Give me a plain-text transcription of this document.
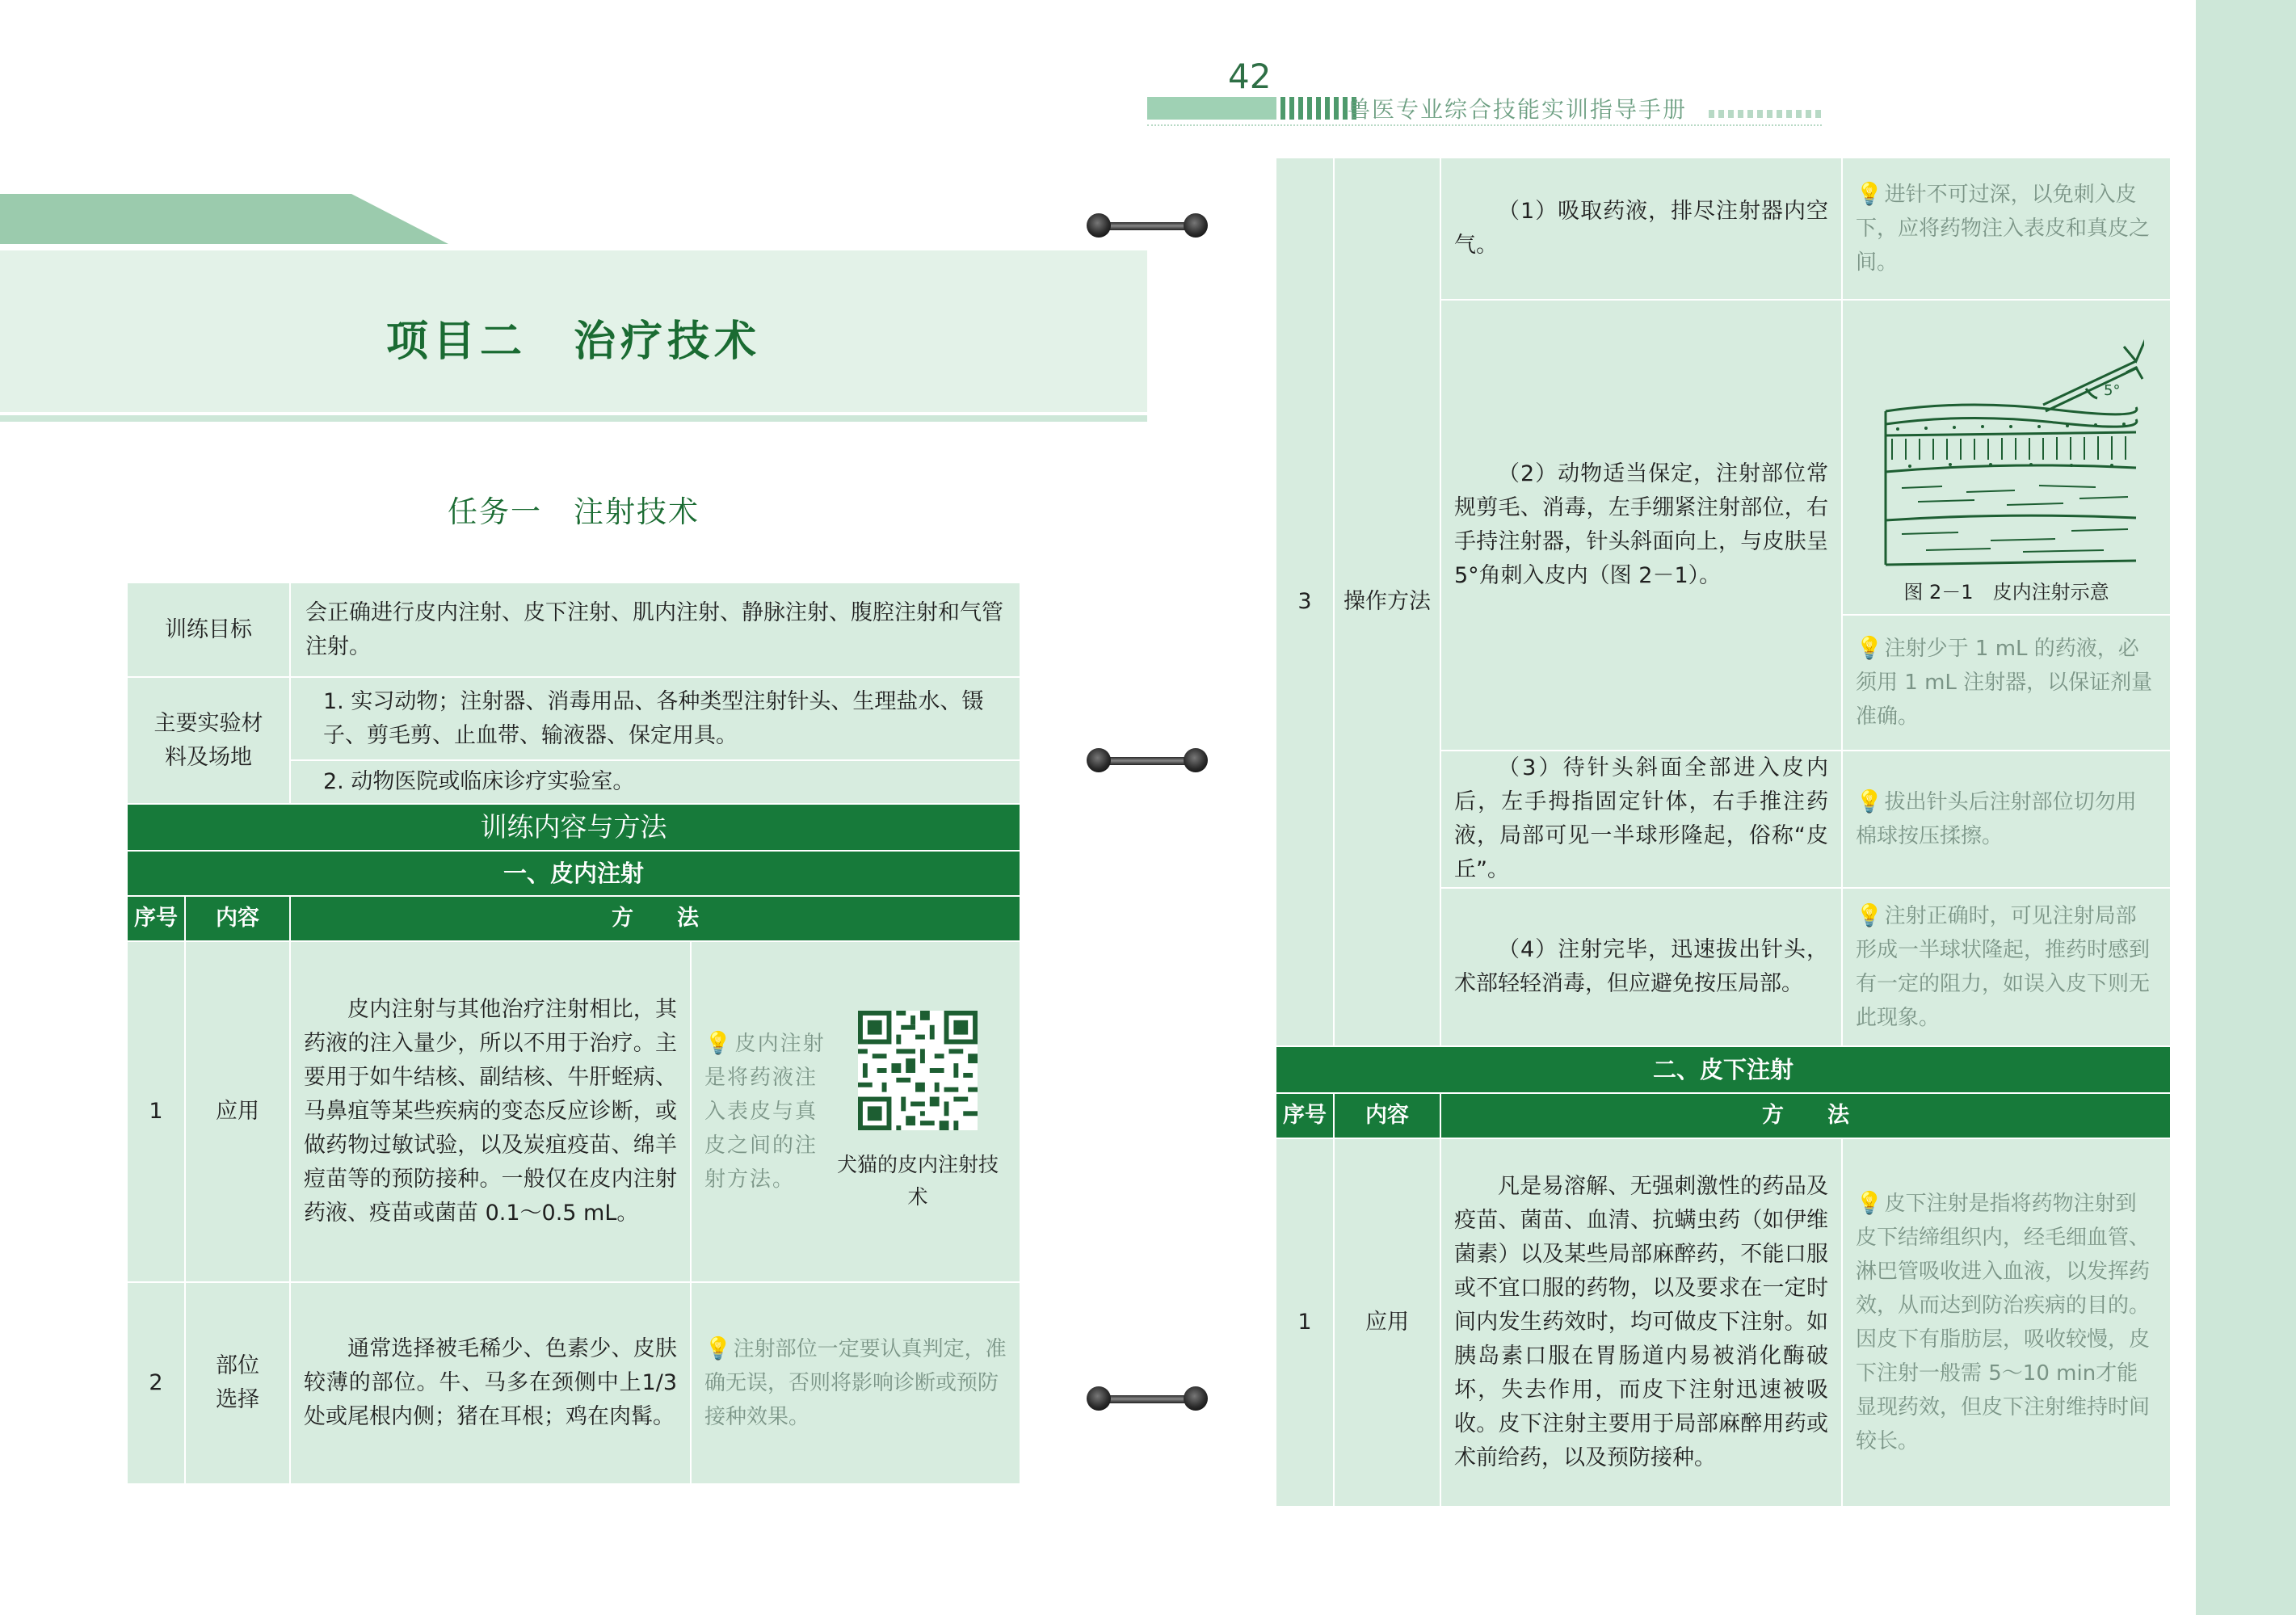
42
兽医专业综合技能实训指导手册
项目二　治疗技术
任务一　注射技术
训练目标		会正确进行皮内注射、皮下注射、肌内注射、静脉注射、腹腔注射和气管注射。	
主要实验材料及场地		1. 实习动物；注射器、消毒用品、各种类型注射针头、生理盐水、镊子、剪毛剪、止血带、输液器、保定用具。	
		2. 动物医院或临床诊疗实验室。	
训练内容与方法			
一、皮内注射			
序号	内容	方　　法	
1	应用	皮内注射与其他治疗注射相比，其药液的注入量少，所以不用于治疗。主要用于如牛结核、副结核、牛肝蛭病、马鼻疽等某些疾病的变态反应诊断，或做药物过敏试验，以及炭疽疫苗、绵羊痘苗等的预防接种。一般仅在皮内注射药液、疫苗或菌苗 0.1～0.5 mL。	💡皮内注射是将药液注入表皮与真皮之间的注射方法。
犬猫的皮内注射技术

2	部位选择	通常选择被毛稀少、色素少、皮肤较薄的部位。牛、马多在颈侧中上1/3 处或尾根内侧；猪在耳根；鸡在肉髯。	💡注射部位一定要认真判定，准确无误，否则将影响诊断或预防接种效果。
3	操作方法	（1）吸取药液，排尽注射器内空气。	💡进针不可过深，以免刺入皮下，应将药物注入表皮和真皮之间。

		（2）动物适当保定，注射部位常规剪毛、消毒，左手绷紧注射部位，右手持注射器，针头斜面向上，与皮肤呈 5°角刺入皮内（图 2－1）。	5°
图 2－1　皮内注射示意

			💡注射少于 1 mL 的药液，必须用 1 mL 注射器，以保证剂量准确。

		（3）待针头斜面全部进入皮内后，左手拇指固定针体，右手推注药液，局部可见一半球形隆起，俗称“皮丘”。	💡拔出针头后注射部位切勿用棉球按压揉擦。

		（4）注射完毕，迅速拔出针头，术部轻轻消毒，但应避免按压局部。	💡注射正确时，可见注射局部形成一半球状隆起，推药时感到有一定的阻力，如误入皮下则无此现象。
二、皮下注射			
序号	内容	方　　法	
1	应用	凡是易溶解、无强刺激性的药品及疫苗、菌苗、血清、抗螨虫药（如伊维菌素）以及某些局部麻醉药，不能口服或不宜口服的药物，以及要求在一定时间内发生药效时，均可做皮下注射。如胰岛素口服在胃肠道内易被消化酶破坏，失去作用，而皮下注射迅速被吸收。皮下注射主要用于局部麻醉用药或术前给药，以及预防接种。	💡皮下注射是指将药物注射到皮下结缔组织内，经毛细血管、淋巴管吸收进入血液，以发挥药效，从而达到防治疾病的目的。因皮下有脂肪层，吸收较慢，皮下注射一般需 5～10 min才能显现药效，但皮下注射维持时间较长。
